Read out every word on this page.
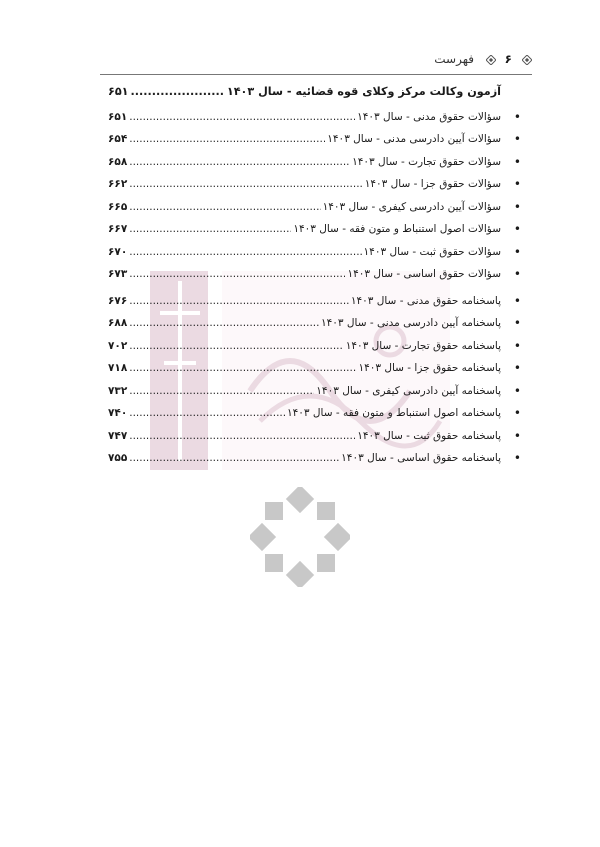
۶
فهرست
آزمون وکالت مرکز وکلای قوه قضائیه - سال ۱۴۰۳
.....
۶۵۱
•
سؤالات حقوق مدنی - سال ۱۴۰۳
.....
۶۵۱
•
سؤالات آیین دادرسی مدنی - سال ۱۴۰۳
.....
۶۵۴
•
سؤالات حقوق تجارت - سال ۱۴۰۳
.....
۶۵۸
•
سؤالات حقوق جزا - سال ۱۴۰۳
.....
۶۶۲
•
سؤالات آیین دادرسی کیفری - سال ۱۴۰۳
.....
۶۶۵
•
سؤالات اصول استنباط و متون فقه - سال ۱۴۰۳
.....
۶۶۷
•
سؤالات حقوق ثبت - سال ۱۴۰۳
.....
۶۷۰
•
سؤالات حقوق اساسی - سال ۱۴۰۳
.....
۶۷۳
•
پاسخنامه حقوق مدنی - سال ۱۴۰۳
.....
۶۷۶
•
پاسخنامه آیین دادرسی مدنی - سال ۱۴۰۳
.....
۶۸۸
•
پاسخنامه حقوق تجارت - سال ۱۴۰۳
.....
۷۰۲
•
پاسخنامه حقوق جزا - سال ۱۴۰۳
.....
۷۱۸
•
پاسخنامه آیین دادرسی کیفری - سال ۱۴۰۳
.....
۷۳۲
•
پاسخنامه اصول استنباط و متون فقه - سال ۱۴۰۳
.....
۷۴۰
•
پاسخنامه حقوق ثبت - سال ۱۴۰۳
.....
۷۴۷
•
پاسخنامه حقوق اساسی - سال ۱۴۰۳
.....
۷۵۵
